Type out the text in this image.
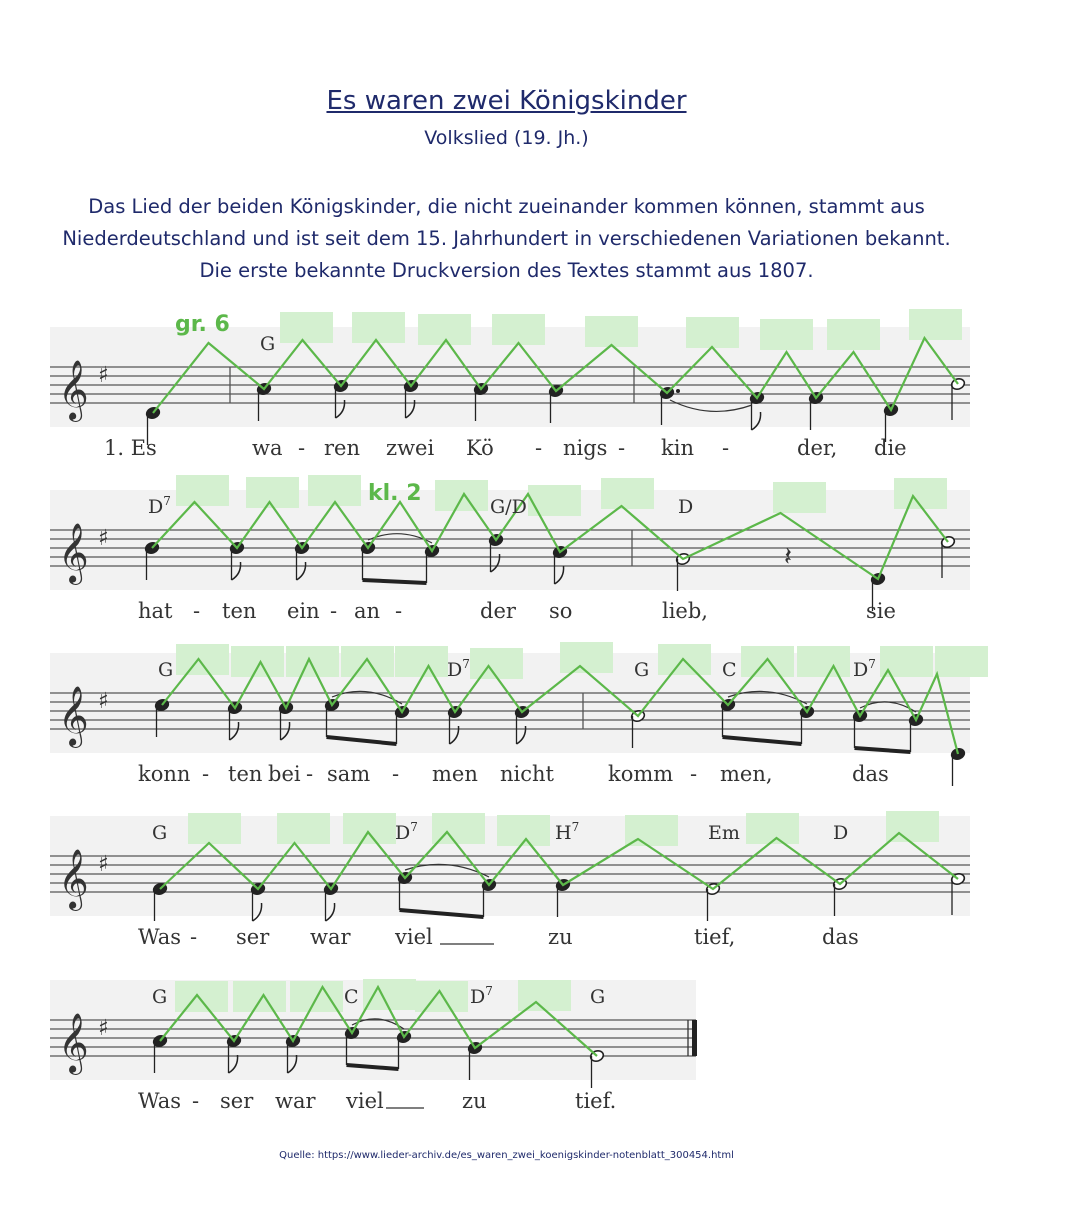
Es waren zwei Königskinder
Volkslied (19. Jh.)
Das Lied der beiden Königskinder, die nicht zueinander kommen können, stammt aus
Niederdeutschland und ist seit dem 15. Jahrhundert in verschiedenen Variationen bekannt.
Die erste bekannte Druckversion des Textes stammt aus 1807.
𝄞 ♯
G
1. Es	wa - ren zwei Kö - nigs - kin -	der, die
𝄞 ♯
𝄽
$D^7$	G/D	D
hat - ten ein - an -	der so	lieb,	sie
𝄞 ♯
G	$D^7$	G	C	$D^7$
konn - ten bei - sam - men nicht	komm - men,	das
𝄞 ♯
G	$D^7$	$H^7$	Em	D
Was - ser war viel	zu	tief,	das
𝄞 ♯
G	C	$D^7$	G
Was - ser war viel	zu	tief.
gr. 6
kl. 2
Quelle: https://www.lieder-archiv.de/es_waren_zwei_koenigskinder-notenblatt_300454.html
